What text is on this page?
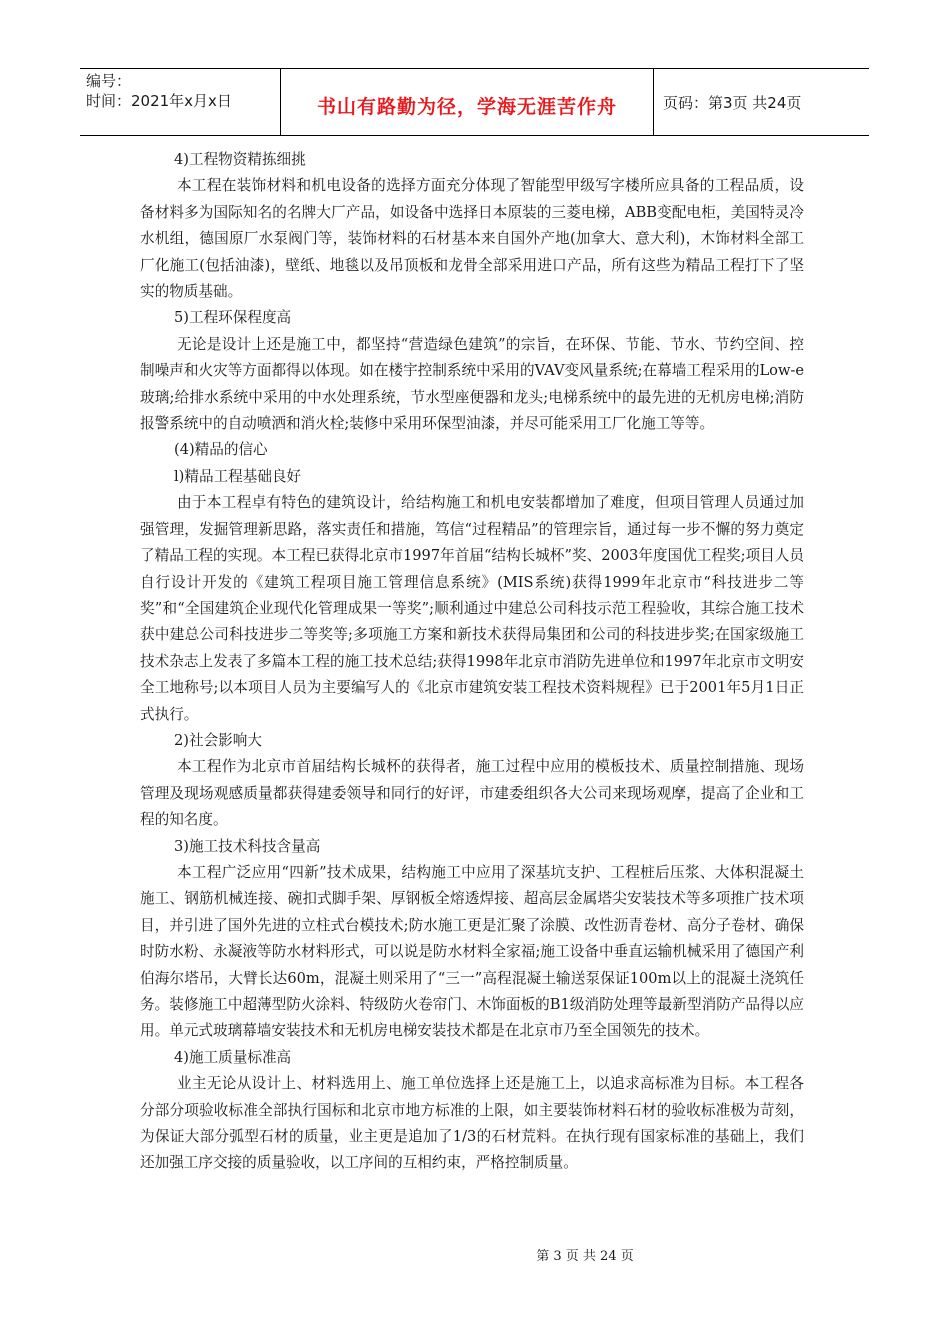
编号：
时间：2021年x月x日	书山有路勤为径，学海无涯苦作舟	页码：第3页 共24页

4)工程物资精拣细挑

本工程在装饰材料和机电设备的选择方面充分体现了智能型甲级写字楼所应具备的工程品质，设备材料多为国际知名的名牌大厂产品，如设备中选择日本原装的三菱电梯，ABB变配电柜，美国特灵冷水机组，德国原厂水泵阀门等，装饰材料的石材基本来自国外产地(加拿大、意大利)，木饰材料全部工厂化施工(包括油漆)，壁纸、地毯以及吊顶板和龙骨全部采用进口产品，所有这些为精品工程打下了坚实的物质基础。

5)工程环保程度高

无论是设计上还是施工中，都坚持“营造绿色建筑”的宗旨，在环保、节能、节水、节约空间、控制噪声和火灾等方面都得以体现。如在楼宇控制系统中采用的VAV变风量系统;在幕墙工程采用的Low-e玻璃;给排水系统中采用的中水处理系统，节水型座便器和龙头;电梯系统中的最先进的无机房电梯;消防报警系统中的自动喷洒和消火栓;装修中采用环保型油漆，并尽可能采用工厂化施工等等。

(4)精品的信心

l)精品工程基础良好

由于本工程卓有特色的建筑设计，给结构施工和机电安装都增加了难度，但项目管理人员通过加强管理，发掘管理新思路，落实责任和措施，笃信“过程精品”的管理宗旨，通过每一步不懈的努力奠定了精品工程的实现。本工程已获得北京市1997年首届“结构长城杯”奖、2003年度国优工程奖;项目人员自行设计开发的《建筑工程项目施工管理信息系统》(MIS系统)获得1999年北京市“科技进步二等奖”和“全国建筑企业现代化管理成果一等奖”;顺利通过中建总公司科技示范工程验收，其综合施工技术获中建总公司科技进步二等奖等;多项施工方案和新技术获得局集团和公司的科技进步奖;在国家级施工技术杂志上发表了多篇本工程的施工技术总结;获得1998年北京市消防先进单位和1997年北京市文明安全工地称号;以本项目人员为主要编写人的《北京市建筑安装工程技术资料规程》已于2001年5月1日正式执行。

2)社会影响大

本工程作为北京市首届结构长城杯的获得者，施工过程中应用的模板技术、质量控制措施、现场管理及现场观感质量都获得建委领导和同行的好评，市建委组织各大公司来现场观摩，提高了企业和工程的知名度。

3)施工技术科技含量高

本工程广泛应用“四新”技术成果，结构施工中应用了深基坑支护、工程桩后压浆、大体积混凝土施工、钢筋机械连接、碗扣式脚手架、厚钢板全熔透焊接、超高层金属塔尖安装技术等多项推广技术项目，并引进了国外先进的立柱式台模技术;防水施工更是汇聚了涂膜、改性沥青卷材、高分子卷材、确保时防水粉、永凝液等防水材料形式，可以说是防水材料全家福;施工设备中垂直运输机械采用了德国产利伯海尔塔吊，大臂长达60m，混凝土则采用了“三一”高程混凝土输送泵保证100m以上的混凝土浇筑任务。装修施工中超薄型防火涂料、特级防火卷帘门、木饰面板的B1级消防处理等最新型消防产品得以应用。单元式玻璃幕墙安装技术和无机房电梯安装技术都是在北京市乃至全国领先的技术。

4)施工质量标准高

业主无论从设计上、材料选用上、施工单位选择上还是施工上，以追求高标准为目标。本工程各分部分项验收标准全部执行国标和北京市地方标准的上限，如主要装饰材料石材的验收标准极为苛刻，为保证大部分弧型石材的质量，业主更是追加了1/3的石材荒料。在执行现有国家标准的基础上，我们还加强工序交接的质量验收，以工序间的互相约束，严格控制质量。

第 3 页 共 24 页
